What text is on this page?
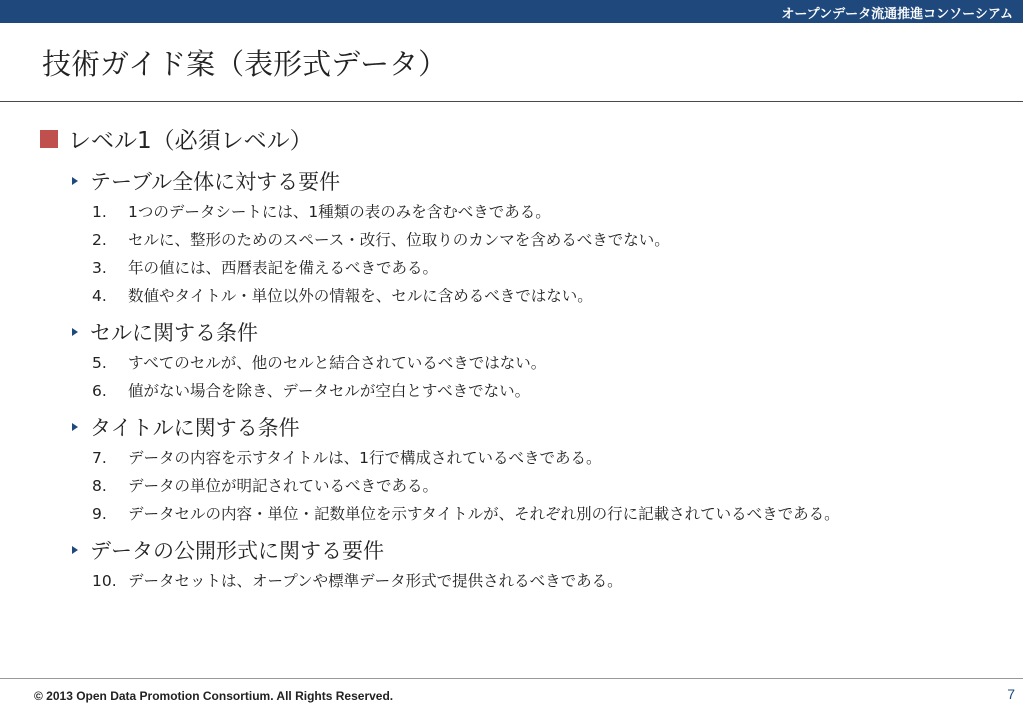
オープンデータ流通推進コンソーシアム
技術ガイド案（表形式データ）
レベル1（必須レベル）
テーブル全体に対する要件
1. 1つのデータシートには、1種類の表のみを含むべきである。
2. セルに、整形のためのスペース・改行、位取りのカンマを含めるべきでない。
3. 年の値には、西暦表記を備えるべきである。
4. 数値やタイトル・単位以外の情報を、セルに含めるべきではない。
セルに関する条件
5. すべてのセルが、他のセルと結合されているべきではない。
6. 値がない場合を除き、データセルが空白とすべきでない。
タイトルに関する条件
7. データの内容を示すタイトルは、1行で構成されているべきである。
8. データの単位が明記されているべきである。
9. データセルの内容・単位・記数単位を示すタイトルが、それぞれ別の行に記載されているべきである。
データの公開形式に関する要件
10. データセットは、オープンや標準データ形式で提供されるべきである。
© 2013 Open Data Promotion Consortium. All Rights Reserved.	7
